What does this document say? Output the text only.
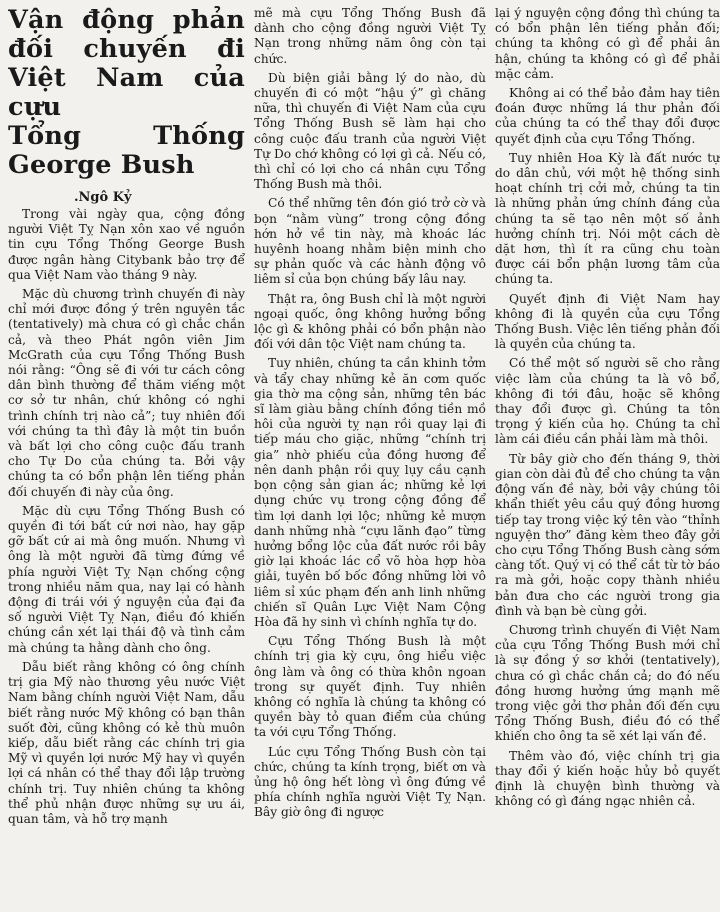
Vận động phản
đối chuyến đi
Việt Nam của cựu
Tổng Thống
George Bush
.Ngô Kỷ

Trong vài ngày qua, cộng đồng người Việt Tỵ Nạn xôn xao về nguồn tin cựu Tổng Thống George Bush được ngân hàng Citybank bảo trợ để qua Việt Nam vào tháng 9 này.

Mặc dù chương trình chuyến đi này chỉ mới được đồng ý trên nguyên tắc (tentatively) mà chưa có gì chắc chắn cả, và theo Phát ngôn viên Jim McGrath của cựu Tổng Thống Bush nói rằng: “Ông sẽ đi với tư cách công dân bình thường để thăm viếng một cơ sở tư nhân, chứ không có nghi trình chính trị nào cả”; tuy nhiên đối với chúng ta thì đây là một tin buồn và bất lợi cho công cuộc đấu tranh cho Tự Do của chúng ta. Bởi vậy chúng ta có bổn phận lên tiếng phản đối chuyến đi này của ông.

Mặc dù cựu Tổng Thống Bush có quyền đi tới bất cứ nơi nào, hay gặp gỡ bất cứ ai mà ông muốn. Nhưng vì ông là một người đã từng đứng về phía người Việt Tỵ Nạn chống cộng trong nhiều năm qua, nay lại có hành động đi trái với ý nguyện của đại đa số người Việt Tỵ Nạn, điều đó khiến chúng cần xét lại thái độ và tình cảm mà chúng ta hằng dành cho ông.

Dẫu biết rằng không có ông chính trị gia Mỹ nào thương yêu nước Việt Nam bằng chính người Việt Nam, dẫu biết rằng nước Mỹ không có bạn thân suốt đời, cũng không có kẻ thù muôn kiếp, dẫu biết rằng các chính trị gia Mỹ vì quyền lợi nước Mỹ hay vì quyền lợi cá nhân có thể thay đổi lập trường chính trị. Tuy nhiên chúng ta không thể phủ nhận được những sự ưu ái, quan tâm, và hỗ trợ mạnh

mẽ mà cựu Tổng Thống Bush đã dành cho cộng đồng người Việt Tỵ Nạn trong những năm ông còn tại chức.

Dù biện giải bằng lý do nào, dù chuyến đi có một “hậu ý” gì chăng nữa, thì chuyến đi Việt Nam của cựu Tổng Thống Bush sẽ làm hại cho công cuộc đấu tranh của người Việt Tự Do chớ không có lợi gì cả. Nếu có, thì chỉ có lợi cho cá nhân cựu Tổng Thống Bush mà thôi.

Có thể những tên đón gió trở cờ và bọn “nằm vùng” trong cộng đồng hớn hở về tin này, mà khoác lác huyênh hoang nhằm biện minh cho sự phản quốc và các hành động vô liêm sỉ của bọn chúng bấy lâu nay.

Thật ra, ông Bush chỉ là một người ngoại quốc, ông không hưởng bổng lộc gì & không phải có bổn phận nào đối với dân tộc Việt nam chúng ta.

Tuy nhiên, chúng ta cần khinh tởm và tẩy chay những kẻ ăn cơm quốc gia thờ ma cộng sản, những tên bác sĩ làm giàu bằng chính đồng tiền mồ hôi của người tỵ nạn rồi quay lại đi tiếp máu cho giặc, những “chính trị gia” nhờ phiếu của đồng hương để nên danh phận rồi quỵ lụy cầu cạnh bọn cộng sản gian ác; những kẻ lợi dụng chức vụ trong cộng đồng để tìm lợi danh lợi lộc; những kẻ mượn danh những nhà “cựu lãnh đạo” từng hưởng bổng lộc của đất nước rồi bây giờ lại khoác lác cổ võ hòa hợp hòa giải, tuyên bố bốc đồng những lời vô liêm sỉ xúc phạm đến anh linh những chiến sĩ Quân Lực Việt Nam Cộng Hòa đã hy sinh vì chính nghĩa tự do.

Cựu Tổng Thống Bush là một chính trị gia kỳ cựu, ông hiểu việc ông làm và ông có thừa khôn ngoan trong sự quyết định. Tuy nhiên không có nghĩa là chúng ta không có quyền bày tỏ quan điểm của chúng ta với cựu Tổng Thống.

Lúc cựu Tổng Thống Bush còn tại chức, chúng ta kính trọng, biết ơn và ủng hộ ông hết lòng vì ông đứng về phía chính nghĩa người Việt Tỵ Nạn. Bây giờ ông đi ngược

lại ý nguyện cộng đồng thì chúng ta có bổn phận lên tiếng phản đối; chúng ta không có gì để phải ân hận, chúng ta không có gì để phải mặc cảm.

Không ai có thể bảo đảm hay tiên đoán được những lá thư phản đối của chúng ta có thể thay đổi được quyết định của cựu Tổng Thống.

Tuy nhiên Hoa Kỳ là đất nước tự do dân chủ, với một hệ thống sinh hoạt chính trị cởi mở, chúng ta tin là những phản ứng chính đáng của chúng ta sẽ tạo nên một số ảnh hưởng chính trị. Nói một cách dè dặt hơn, thì ít ra cũng chu toàn được cái bổn phận lương tâm của chúng ta.

Quyết định đi Việt Nam hay không đi là quyền của cựu Tổng Thống Bush. Việc lên tiếng phản đối là quyền của chúng ta.

Có thể một số người sẽ cho rằng việc làm của chúng ta là vô bổ, không đi tới đâu, hoặc sẽ không thay đổi được gì. Chúng ta tôn trọng ý kiến của họ. Chúng ta chỉ làm cái điều cần phải làm mà thôi.

Từ bây giờ cho đến tháng 9, thời gian còn dài đủ để cho chúng ta vận động vấn đề này, bởi vậy chúng tôi khẩn thiết yêu cầu quý đồng hương tiếp tay trong việc ký tên vào “thỉnh nguyện thơ” đăng kèm theo đây gởi cho cựu Tổng Thống Bush càng sớm càng tốt. Quý vị có thể cắt từ tờ báo ra mà gởi, hoặc copy thành nhiều bản đưa cho các người trong gia đình và bạn bè cùng gởi.

Chương trình chuyến đi Việt Nam của cựu Tổng Thống Bush mới chỉ là sự đồng ý sơ khởi (tentatively), chưa có gì chắc chắn cả; do đó nếu đồng hương hưởng ứng mạnh mẽ trong việc gởi thơ phản đối đến cựu Tổng Thống Bush, điều đó có thể khiến cho ông ta sẽ xét lại vấn đề.

Thêm vào đó, việc chính trị gia thay đổi ý kiến hoặc hủy bỏ quyết định là chuyện bình thường và không có gì đáng ngạc nhiên cả.
